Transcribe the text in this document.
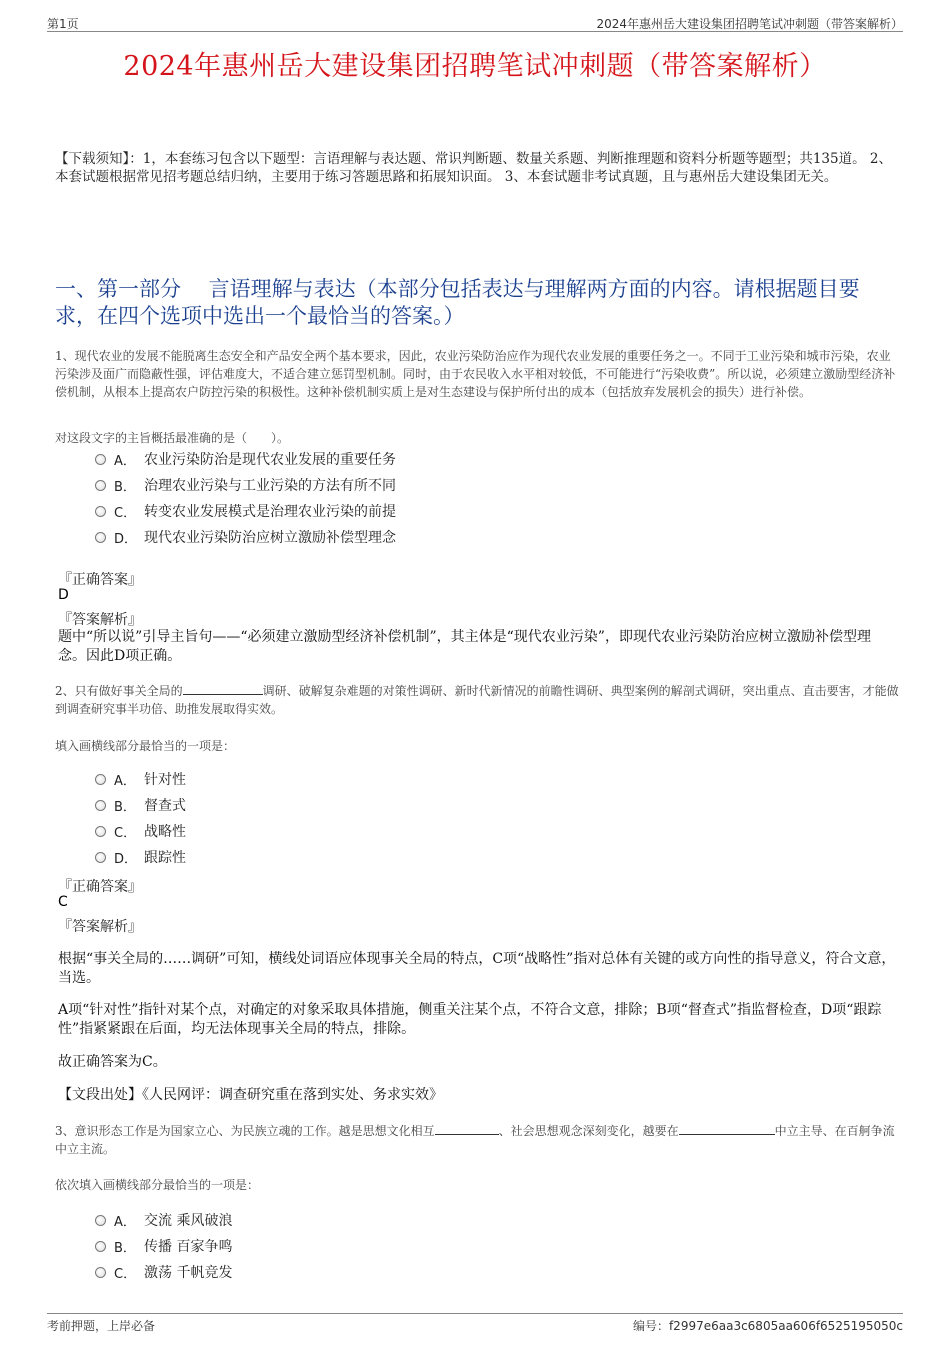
第1页	2024年惠州岳大建设集团招聘笔试冲刺题（带答案解析）
2024年惠州岳大建设集团招聘笔试冲刺题（带答案解析）
【下载须知】：1，本套练习包含以下题型：言语理解与表达题、常识判断题、数量关系题、判断推理题和资料分析题等题型；共135道。 2、本套试题根据常见招考题总结归纳，主要用于练习答题思路和拓展知识面。 3、本套试题非考试真题，且与惠州岳大建设集团无关。
一、第一部分　 言语理解与表达（本部分包括表达与理解两方面的内容。请根据题目要求，在四个选项中选出一个最恰当的答案。）
1、现代农业的发展不能脱离生态安全和产品安全两个基本要求，因此，农业污染防治应作为现代农业发展的重要任务之一。不同于工业污染和城市污染，农业污染涉及面广而隐蔽性强，评估难度大，不适合建立惩罚型机制。同时，由于农民收入水平相对较低，不可能进行“污染收费”。所以说，必须建立激励型经济补偿机制，从根本上提高农户防控污染的积极性。这种补偿机制实质上是对生态建设与保护所付出的成本（包括放弃发展机会的损失）进行补偿。
对这段文字的主旨概括最准确的是（　　）。
A． 农业污染防治是现代农业发展的重要任务
B． 治理农业污染与工业污染的方法有所不同
C． 转变农业发展模式是治理农业污染的前提
D． 现代农业污染防治应树立激励补偿型理念
『正确答案』
D
『答案解析』
题中“所以说”引导主旨句——“必须建立激励型经济补偿机制”，其主体是“现代农业污染”，即现代农业污染防治应树立激励补偿型理念。因此D项正确。
2、只有做好事关全局的	调研、破解复杂难题的对策性调研、新时代新情况的前瞻性调研、典型案例的解剖式调研，突出重点、直击要害，才能做到调查研究事半功倍、助推发展取得实效。
填入画横线部分最恰当的一项是：
A． 针对性
B． 督查式
C． 战略性
D． 跟踪性
『正确答案』
C
『答案解析』
根据“事关全局的……调研”可知，横线处词语应体现事关全局的特点，C项“战略性”指对总体有关键的或方向性的指导意义，符合文意，当选。
A项“针对性”指针对某个点，对确定的对象采取具体措施，侧重关注某个点，不符合文意，排除；B项“督查式”指监督检查，D项“跟踪性”指紧紧跟在后面，均无法体现事关全局的特点，排除。
故正确答案为C。
【文段出处】《人民网评：调查研究重在落到实处、务求实效》
3、意识形态工作是为国家立心、为民族立魂的工作。越是思想文化相互	、社会思想观念深刻变化，越要在	中立主导、在百舸争流中立主流。
依次填入画横线部分最恰当的一项是：
A． 交流 乘风破浪
B． 传播 百家争鸣
C． 激荡 千帆竞发
考前押题，上岸必备	编号：f2997e6aa3c6805aa606f6525195050c
